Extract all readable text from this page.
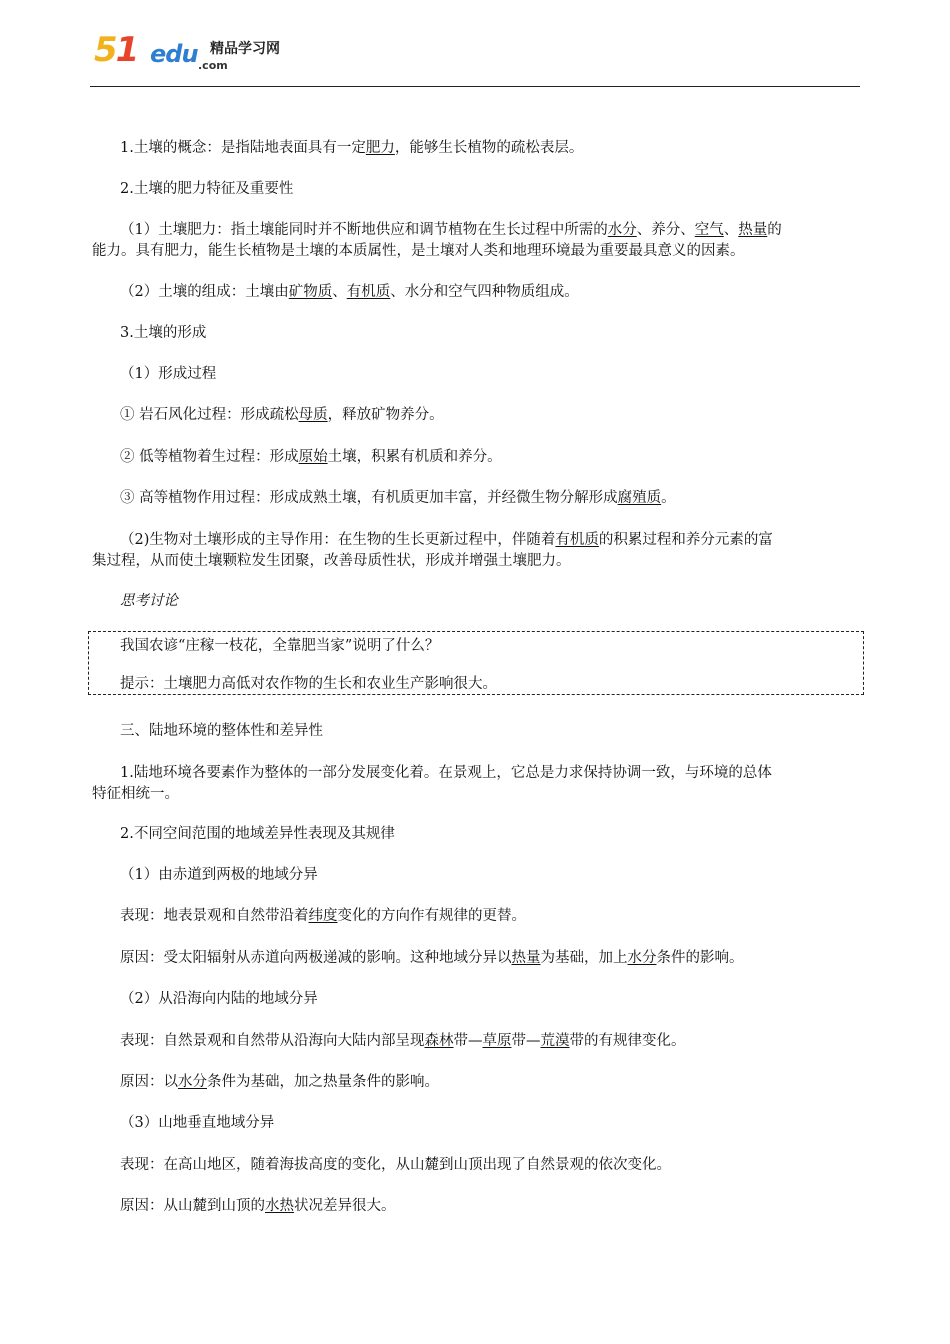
51 edu 精品学习网
.com
1.土壤的概念：是指陆地表面具有一定肥力，能够生长植物的疏松表层。
2.土壤的肥力特征及重要性
（1）土壤肥力：指土壤能同时并不断地供应和调节植物在生长过程中所需的水分、养分、空气、热量的
能力。具有肥力，能生长植物是土壤的本质属性，是土壤对人类和地理环境最为重要最具意义的因素。
（2）土壤的组成：土壤由矿物质、有机质、水分和空气四种物质组成。
3.土壤的形成
（1）形成过程
① 岩石风化过程：形成疏松母质，释放矿物养分。
② 低等植物着生过程：形成原始土壤，积累有机质和养分。
③ 高等植物作用过程：形成成熟土壤，有机质更加丰富，并经微生物分解形成腐殖质。
（2)生物对土壤形成的主导作用：在生物的生长更新过程中，伴随着有机质的积累过程和养分元素的富
集过程，从而使土壤颗粒发生团聚，改善母质性状，形成并增强土壤肥力。
思考讨论
我国农谚“庄稼一枝花，全靠肥当家”说明了什么？
提示：土壤肥力高低对农作物的生长和农业生产影响很大。
三、陆地环境的整体性和差异性
1.陆地环境各要素作为整体的一部分发展变化着。在景观上，它总是力求保持协调一致，与环境的总体
特征相统一。
2.不同空间范围的地域差异性表现及其规律
（1）由赤道到两极的地域分异
表现：地表景观和自然带沿着纬度变化的方向作有规律的更替。
原因：受太阳辐射从赤道向两极递减的影响。这种地域分异以热量为基础，加上水分条件的影响。
（2）从沿海向内陆的地域分异
表现：自然景观和自然带从沿海向大陆内部呈现森林带—草原带—荒漠带的有规律变化。
原因：以水分条件为基础，加之热量条件的影响。
（3）山地垂直地域分异
表现：在高山地区，随着海拔高度的变化，从山麓到山顶出现了自然景观的依次变化。
原因：从山麓到山顶的水热状况差异很大。
